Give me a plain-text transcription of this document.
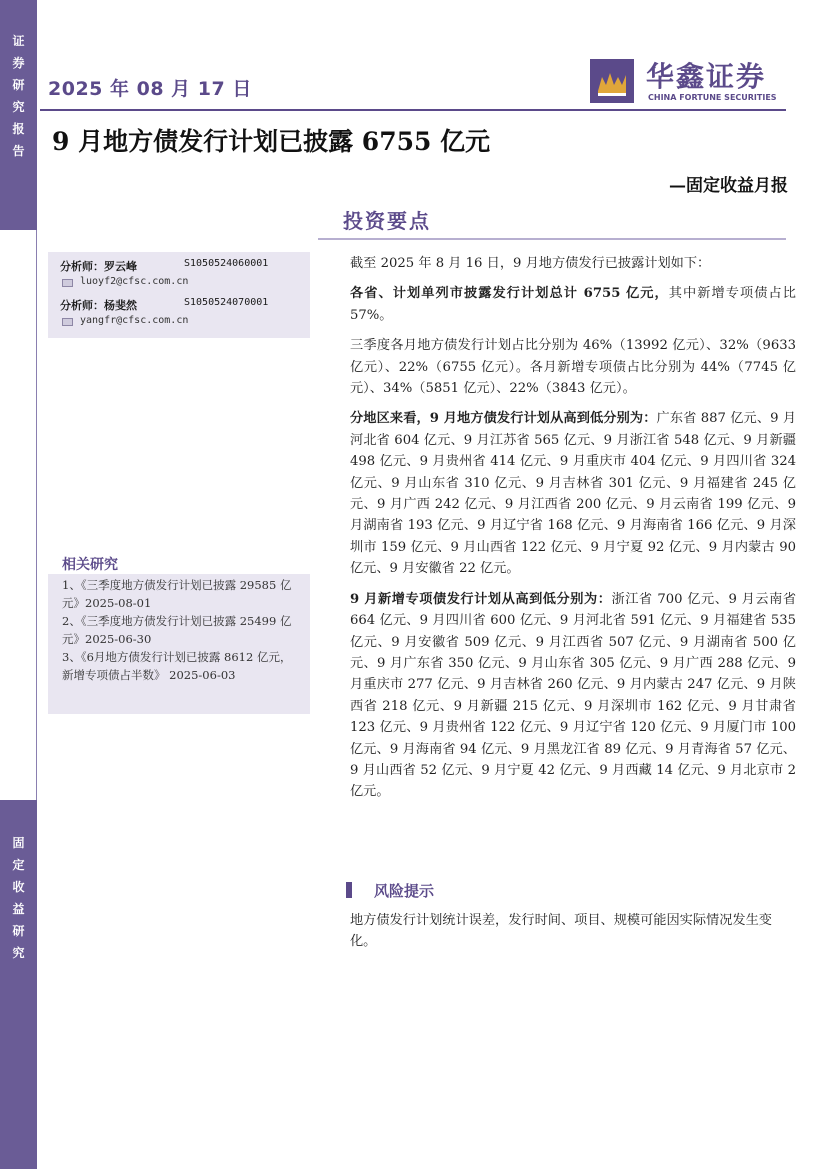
证
券
研
究
报
告
固
定
收
益
研
究
2025 年 08 月 17 日	华鑫证券
CHINA FORTUNE SECURITIES
9 月地方债发行计划已披露 6755 亿元
—固定收益月报
投资要点
分析师：罗云峰	S1050524060001
luoyf2@cfsc.com.cn
分析师：杨斐然	S1050524070001
yangfr@cfsc.com.cn
相关研究
1、《三季度地方债发行计划已披露 29585 亿元》2025-08-01
2、《三季度地方债发行计划已披露 25499 亿元》2025-06-30
3、《6月地方债发行计划已披露 8612 亿元，新增专项债占半数》 2025-06-03

截至 2025 年 8 月 16 日，9 月地方债发行已披露计划如下：

各省、计划单列市披露发行计划总计 6755 亿元，其中新增专项债占比 57%。

三季度各月地方债发行计划占比分别为 46%（13992 亿元）、32%（9633 亿元）、22%（6755 亿元）。各月新增专项债占比分别为 44%（7745 亿元）、34%（5851 亿元）、22%（3843 亿元）。

分地区来看，9 月地方债发行计划从高到低分别为：广东省 887 亿元、9 月河北省 604 亿元、9 月江苏省 565 亿元、9 月浙江省 548 亿元、9 月新疆 498 亿元、9 月贵州省 414 亿元、9 月重庆市 404 亿元、9 月四川省 324 亿元、9 月山东省 310 亿元、9 月吉林省 301 亿元、9 月福建省 245 亿元、9 月广西 242 亿元、9 月江西省 200 亿元、9 月云南省 199 亿元、9 月湖南省 193 亿元、9 月辽宁省 168 亿元、9 月海南省 166 亿元、9 月深圳市 159 亿元、9 月山西省 122 亿元、9 月宁夏 92 亿元、9 月内蒙古 90 亿元、9 月安徽省 22 亿元。

9 月新增专项债发行计划从高到低分别为：浙江省 700 亿元、9 月云南省 664 亿元、9 月四川省 600 亿元、9 月河北省 591 亿元、9 月福建省 535 亿元、9 月安徽省 509 亿元、9 月江西省 507 亿元、9 月湖南省 500 亿元、9 月广东省 350 亿元、9 月山东省 305 亿元、9 月广西 288 亿元、9 月重庆市 277 亿元、9 月吉林省 260 亿元、9 月内蒙古 247 亿元、9 月陕西省 218 亿元、9 月新疆 215 亿元、9 月深圳市 162 亿元、9 月甘肃省 123 亿元、9 月贵州省 122 亿元、9 月辽宁省 120 亿元、9 月厦门市 100 亿元、9 月海南省 94 亿元、9 月黑龙江省 89 亿元、9 月青海省 57 亿元、9 月山西省 52 亿元、9 月宁夏 42 亿元、9 月西藏 14 亿元、9 月北京市 2 亿元。

风险提示
地方债发行计划统计误差，发行时间、项目、规模可能因实际情况发生变化。
